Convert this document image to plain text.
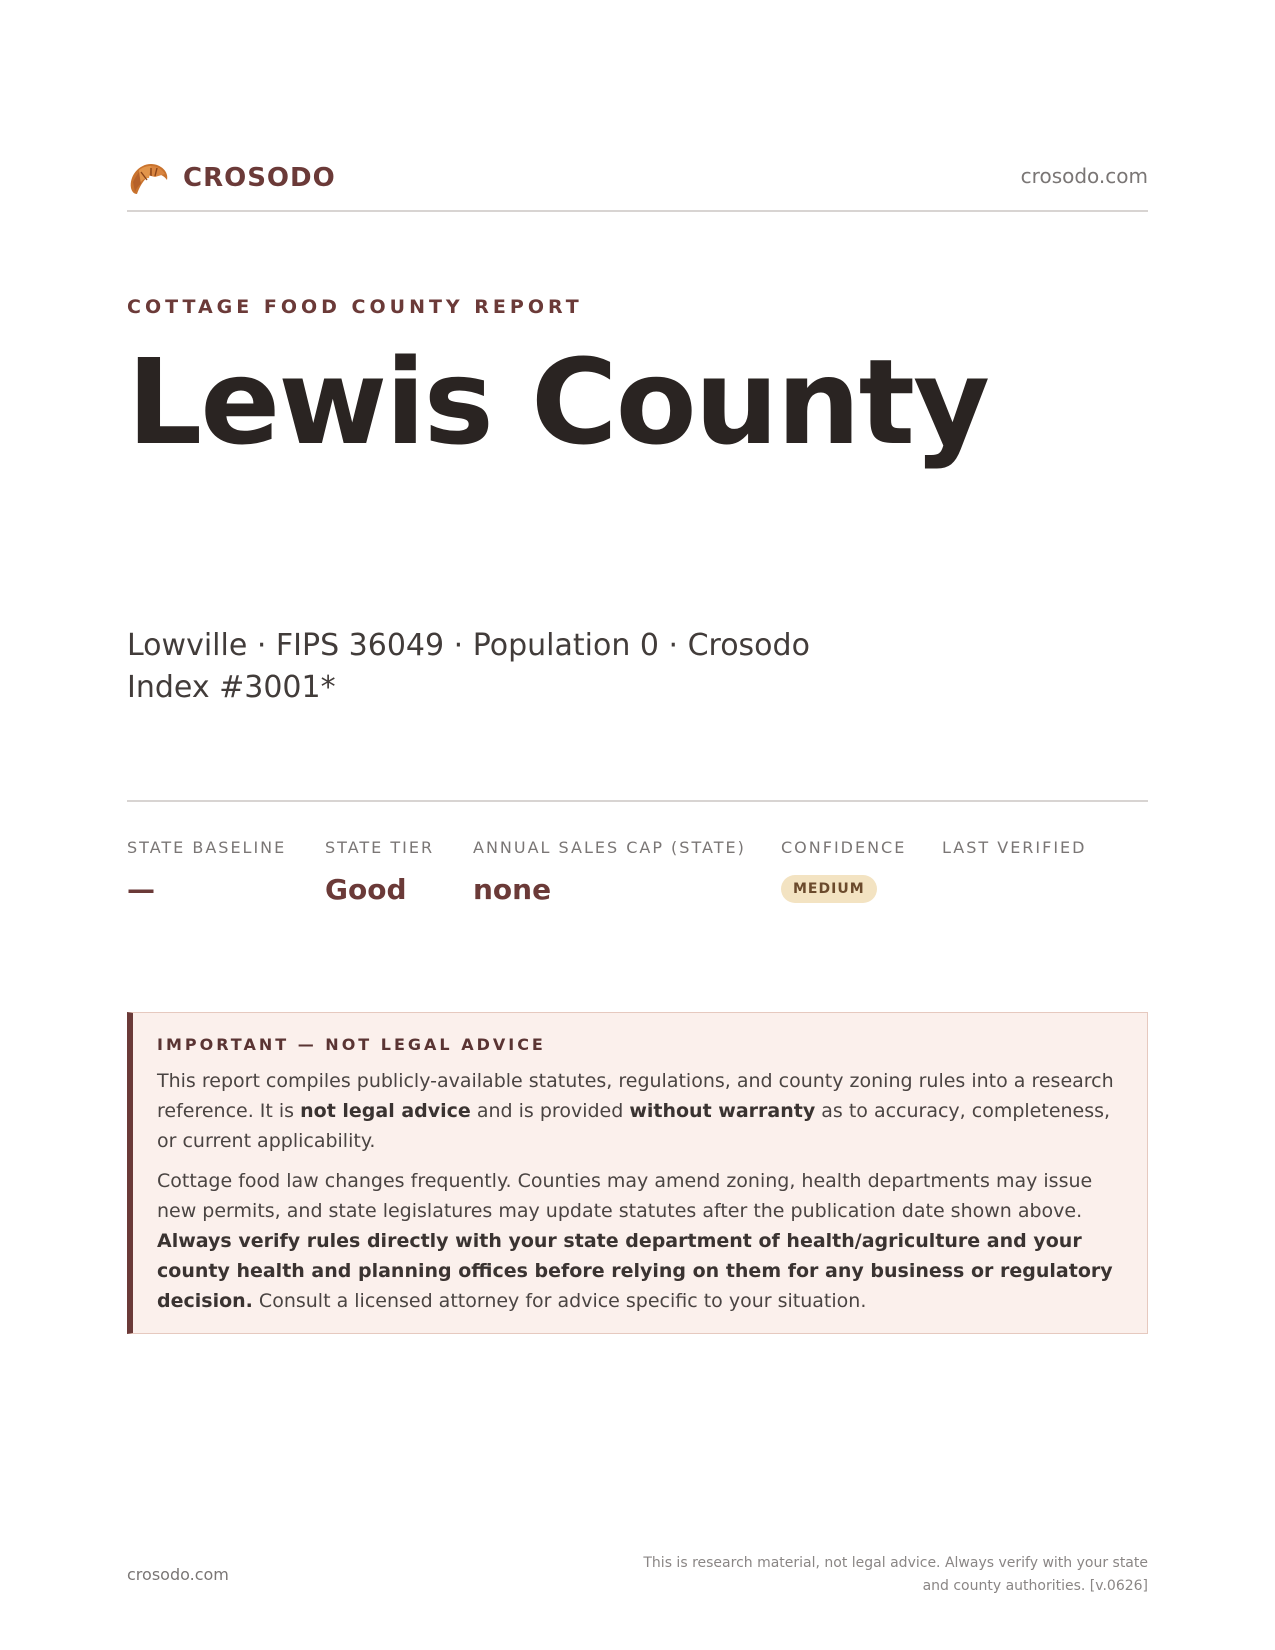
CROSODO	crosodo.com
COTTAGE FOOD COUNTY REPORT
Lewis County
Lowville · FIPS 36049 · Population 0 · Crosodo Index #3001*
STATE BASELINE
—
STATE TIER
Good
ANNUAL SALES CAP (STATE)
none
CONFIDENCE
MEDIUM
LAST VERIFIED
IMPORTANT — NOT LEGAL ADVICE

This report compiles publicly-available statutes, regulations, and county zoning rules into a research reference. It is not legal advice and is provided without warranty as to accuracy, completeness, or current applicability.

Cottage food law changes frequently. Counties may amend zoning, health departments may issue new permits, and state legislatures may update statutes after the publication date shown above. Always verify rules directly with your state department of health/agriculture and your county health and planning offices before relying on them for any business or regulatory decision. Consult a licensed attorney for advice specific to your situation.

crosodo.com
This is research material, not legal advice. Always verify with your state
and county authorities. [v.0626]
